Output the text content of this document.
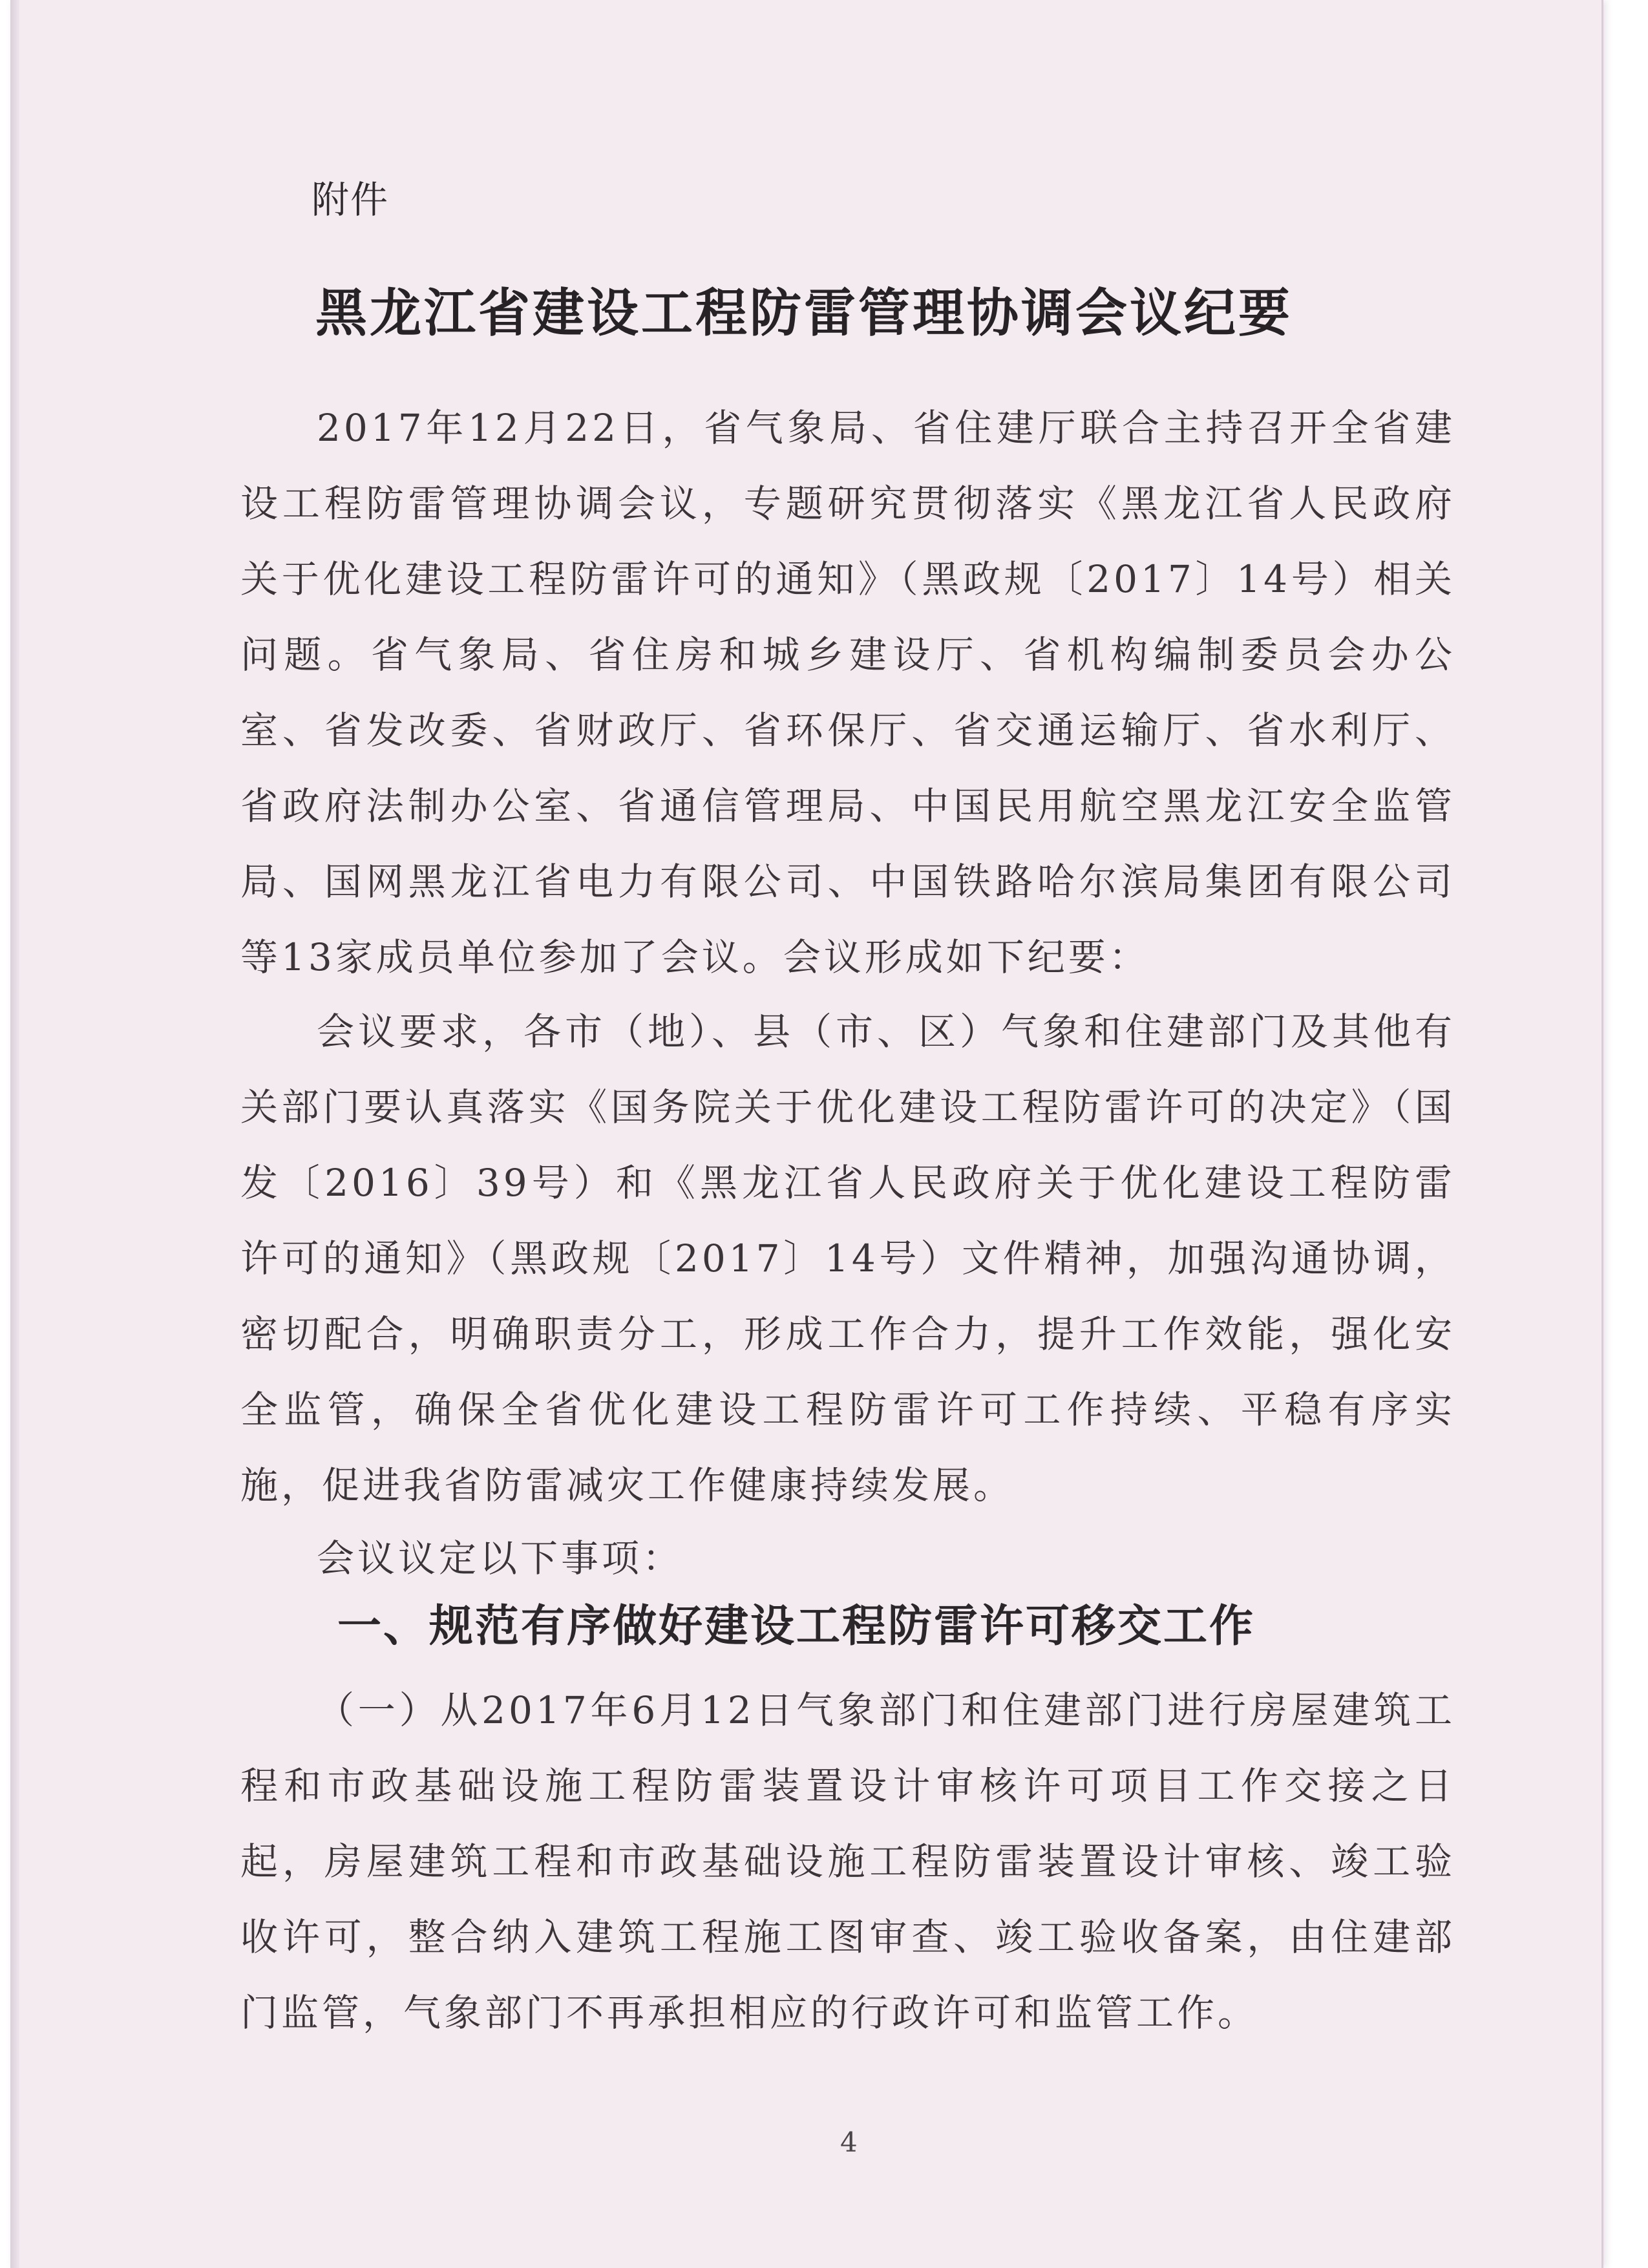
附件
黑龙江省建设工程防雷管理协调会议纪要

2017年12月22日，省气象局、省住建厅联合主持召开全省建设工程防雷管理协调会议，专题研究贯彻落实《黑龙江省人民政府关于优化建设工程防雷许可的通知》（黑政规〔2017〕14号）相关问题。省气象局、省住房和城乡建设厅、省机构编制委员会办公室、省发改委、省财政厅、省环保厅、省交通运输厅、省水利厅、省政府法制办公室、省通信管理局、中国民用航空黑龙江安全监管局、国网黑龙江省电力有限公司、中国铁路哈尔滨局集团有限公司等13家成员单位参加了会议。会议形成如下纪要：

会议要求，各市（地）、县（市、区）气象和住建部门及其他有关部门要认真落实《国务院关于优化建设工程防雷许可的决定》（国发〔2016〕39号）和《黑龙江省人民政府关于优化建设工程防雷许可的通知》（黑政规〔2017〕14号）文件精神，加强沟通协调，密切配合，明确职责分工，形成工作合力，提升工作效能，强化安全监管，确保全省优化建设工程防雷许可工作持续、平稳有序实施，促进我省防雷减灾工作健康持续发展。

会议议定以下事项：

一、规范有序做好建设工程防雷许可移交工作

（一）从2017年6月12日气象部门和住建部门进行房屋建筑工程和市政基础设施工程防雷装置设计审核许可项目工作交接之日起，房屋建筑工程和市政基础设施工程防雷装置设计审核、竣工验收许可，整合纳入建筑工程施工图审查、竣工验收备案，由住建部门监管，气象部门不再承担相应的行政许可和监管工作。

4
